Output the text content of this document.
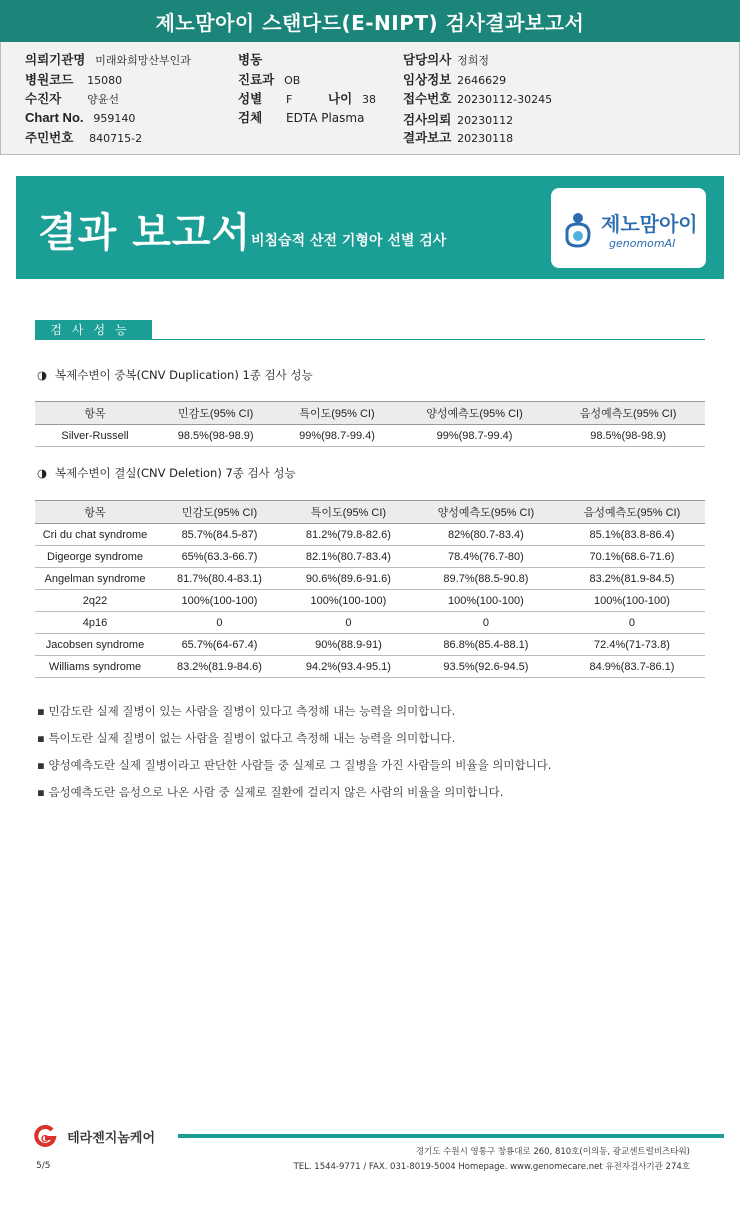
제노맘아이 스탠다드(E-NIPT) 검사결과보고서
의뢰기관명 미래와희망산부인과
병원코드 15080
수진자 양윤선
Chart No. 959140
주민번호 840715-2
병동
진료과 OB
성별 F	나이 38
검체 EDTA Plasma
담당의사 정희정
임상정보 2646629
접수번호 20230112-30245
검사의뢰 20230112
결과보고 20230118
결과 보고서 비침습적 산전 기형아 선별 검사
제노맘아이
genomomAI
검사성능
◑ 복제수변이 중복(CNV Duplication) 1종 검사 성능
항목	민감도(95% CI)	특이도(95% CI)	양성예측도(95% CI)	음성예측도(95% CI)
Silver-Russell	98.5%(98-98.9)	99%(98.7-99.4)	99%(98.7-99.4)	98.5%(98-98.9)
◑ 복제수변이 결실(CNV Deletion) 7종 검사 성능
항목	민감도(95% CI)	특이도(95% CI)	양성예측도(95% CI)	음성예측도(95% CI)
Cri du chat syndrome	85.7%(84.5-87)	81.2%(79.8-82.6)	82%(80.7-83.4)	85.1%(83.8-86.4)
Digeorge syndrome	65%(63.3-66.7)	82.1%(80.7-83.4)	78.4%(76.7-80)	70.1%(68.6-71.6)
Angelman syndrome	81.7%(80.4-83.1)	90.6%(89.6-91.6)	89.7%(88.5-90.8)	83.2%(81.9-84.5)
2q22	100%(100-100)	100%(100-100)	100%(100-100)	100%(100-100)
4p16	0	0	0	0
Jacobsen syndrome	65.7%(64-67.4)	90%(88.9-91)	86.8%(85.4-88.1)	72.4%(71-73.8)
Williams syndrome	83.2%(81.9-84.6)	94.2%(93.4-95.1)	93.5%(92.6-94.5)	84.9%(83.7-86.1)
▪ 민감도란 실제 질병이 있는 사람을 질병이 있다고 측정해 내는 능력을 의미합니다.
▪ 특이도란 실제 질병이 없는 사람을 질병이 없다고 측정해 내는 능력을 의미합니다.
▪ 양성예측도란 실제 질병이라고 판단한 사람들 중 실제로 그 질병을 가진 사람들의 비율을 의미합니다.
▪ 음성예측도란 음성으로 나온 사람 중 실제로 질환에 걸리지 않은 사람의 비율을 의미합니다.
G 테라젠지놈케어
경기도 수원시 영통구 창룡대로 260, 810호(이의동, 광교센트럴비즈타워)
TEL. 1544-9771 / FAX. 031-8019-5004 Homepage. www.genomecare.net 유전자검사기관 274호
5/5
